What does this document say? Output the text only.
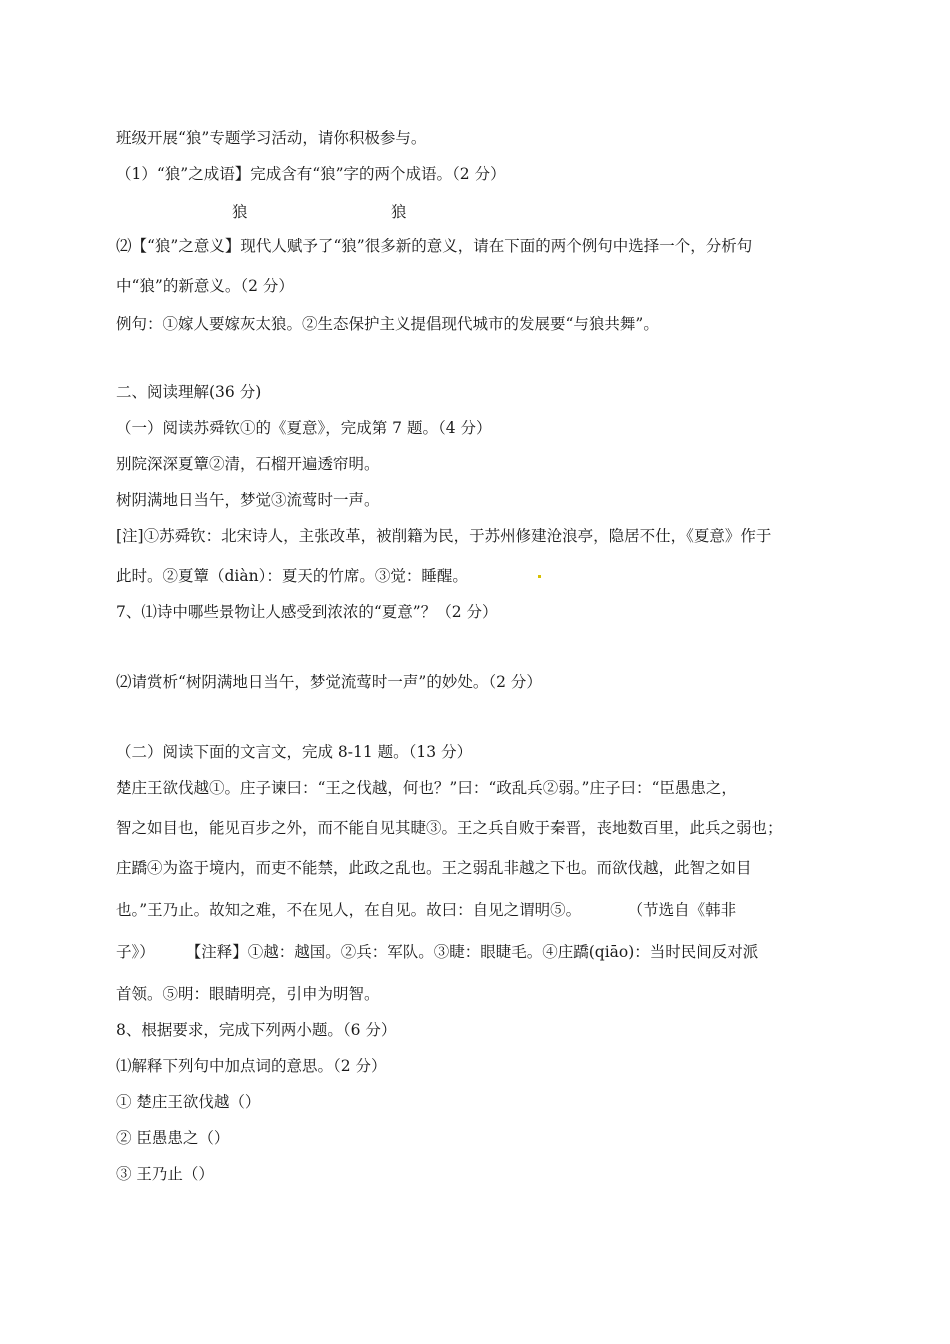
班级开展“狼”专题学习活动，请你积极参与。
（1）“狼”之成语】完成含有“狼”字的两个成语。（2 分）
狼	狼
⑵【“狼”之意义】现代人赋予了“狼”很多新的意义，请在下面的两个例句中选择一个，分析句
中“狼”的新意义。（2 分）
例句：①嫁人要嫁灰太狼。②生态保护主义提倡现代城市的发展要“与狼共舞”。
二、阅读理解(36 分)
（一）阅读苏舜钦①的《夏意》，完成第 7 题。（4 分）
别院深深夏簟②清，石榴开遍透帘明。
树阴满地日当午，梦觉③流莺时一声。
[注]①苏舜钦：北宋诗人，主张改革，被削籍为民，于苏州修建沧浪亭，隐居不仕，《夏意》作于
此时。②夏簟（diàn）：夏天的竹席。③觉：睡醒。
7、⑴诗中哪些景物让人感受到浓浓的“夏意”？（2 分）
⑵请赏析“树阴满地日当午，梦觉流莺时一声”的妙处。（2 分）
（二）阅读下面的文言文，完成 8-11 题。（13 分）
楚庄王欲伐越①。庄子谏曰：“王之伐越，何也？”曰：“政乱兵②弱。”庄子曰：“臣愚患之，
智之如目也，能见百步之外，而不能自见其睫③。王之兵自败于秦晋，丧地数百里，此兵之弱也；
庄蹻④为盗于境内，而吏不能禁，此政之乱也。王之弱乱非越之下也。而欲伐越，此智之如目
也。”王乃止。故知之难，不在见人，在自见。故曰：自见之谓明⑤。　　　　（节选自《韩非
子》）　　　【注释】①越：越国。②兵：军队。③睫：眼睫毛。④庄蹻(qiāo)：当时民间反对派
首领。⑤明：眼睛明亮，引申为明智。
8、根据要求，完成下列两小题。（6 分）
⑴解释下列句中加点词的意思。（2 分）
① 楚庄王欲伐越（）
② 臣愚患之（）
③ 王乃止（）
